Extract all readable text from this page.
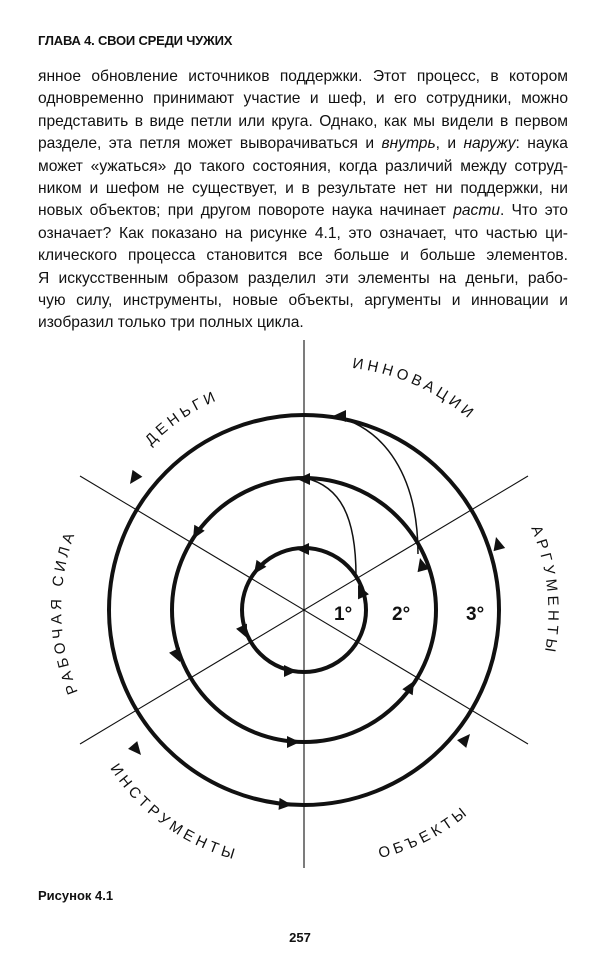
ГЛАВА 4. СВОИ СРЕДИ ЧУЖИХ

янное обновление источников поддержки. Этот процесс, в котором
одновременно принимают участие и шеф, и его сотрудники, можно
представить в виде петли или круга. Однако, как мы видели в первом
разделе, эта петля может выворачиваться и внутрь, и наружу: наука
может «ужаться» до такого состояния, когда различий между сотруд-
ником и шефом не существует, и в результате нет ни поддержки, ни
новых объектов; при другом повороте наука начинает расти. Что это
означает? Как показано на рисунке 4.1, это означает, что частью ци-
клического процесса становится все больше и больше элементов.
Я искусственным образом разделил эти элементы на деньги, рабо-
чую силу, инструменты, новые объекты, аргументы и инновации и
изобразил только три полных цикла.

1° 2°	3°
ДЕНЬГИ
ИННОВАЦИИ
АРГУМЕНТЫ
ОБЪЕКТЫ
ИНСТРУМЕНТЫ
РАБОЧАЯ СИЛА
Рисунок 4.1
257
